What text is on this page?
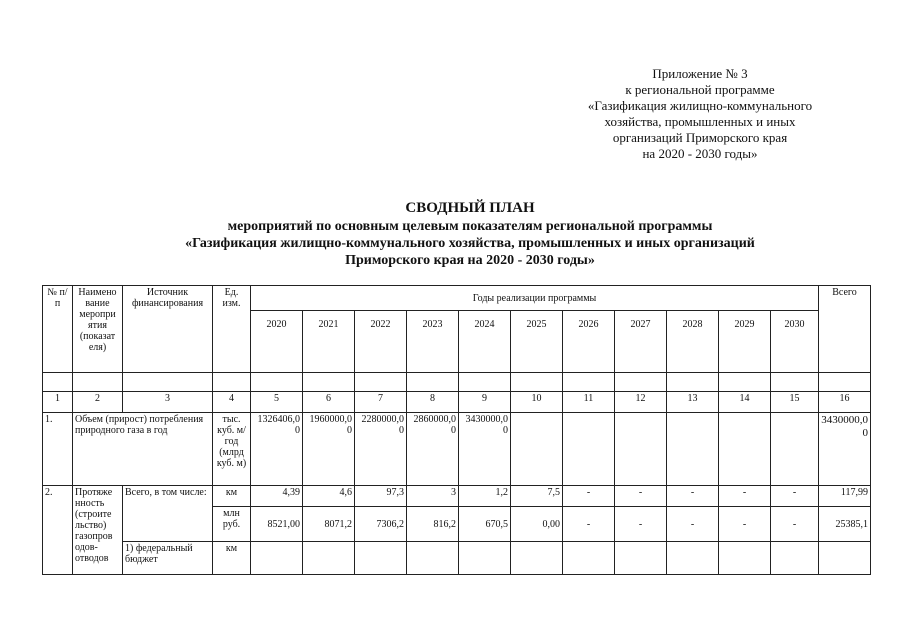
Приложение № 3
к региональной программе
«Газификация жилищно-коммунального
хозяйства, промышленных и иных
организаций Приморского края
на 2020 - 2030 годы»
СВОДНЫЙ ПЛАН
мероприятий по основным целевым показателям региональной программы
«Газификация жилищно-коммунального хозяйства, промышленных и иных организаций
Приморского края на 2020 - 2030 годы»
№ п/п	Наимено вание меропри ятия (показат еля)	Источник финансирования	Ед. изм.	Годы реализации программы											Всего
				2020	2021	2022	2023	2024	2025	2026	2027	2028	2029	2030	

1	2	3	4	5	6	7	8	9	10	11	12	13	14	15	16
1.	Объем (прирост) потребления природного газа в год		тыс. куб. м/ год (млрд куб. м)	1326406,00	1960000,00	2280000,00	2860000,00	3430000,00							3430000,00
2.	Протяже нность (строите льство) газопров одов-отводов	Всего, в том числе:	км	4,39	4,6	97,3	3	1,2	7,5	-	-	-	-	-	117,99
			млн руб.	8521,00	8071,2	7306,2	816,2	670,5	0,00	-	-	-	-	-	25385,1
		1) федеральный бюджет	км												
